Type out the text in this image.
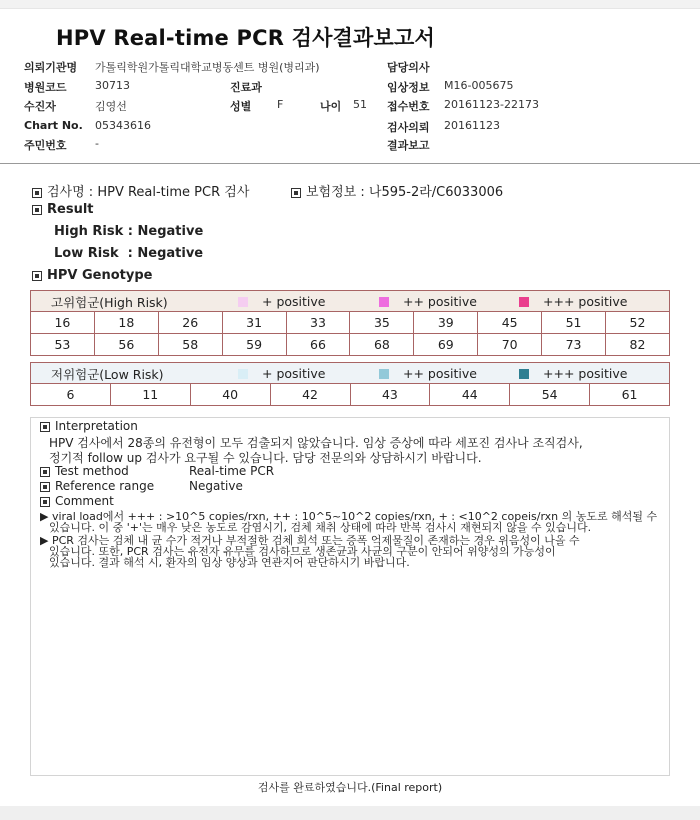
HPV Real-time PCR 검사결과보고서
의뢰기관명 가톨릭학원가톨릭대학교병동센트 병원(병리과)	담당의사
병원코드	30713	진료과	임상정보 M16-005675
수진자	김영선	성별 F	나이 51 접수번호 20161123-22173
Chart No. 05343616	검사의뢰 20161123
주민번호	-	결과보고
검사명 : HPV Real-time PCR 검사	보험정보 : 나595-2라/C6033006
Result
High Risk : Negative
Low Risk  : Negative
HPV Genotype
고위험군(High Risk)	+ positive	++ positive	+++ positive
16	18	26	31	33	35	39	45	51	52
53	56	58	59	66	68	69	70	73	82
저위험군(Low Risk)	+ positive	++ positive	+++ positive
6	11	40	42	43	44	54	61
Interpretation
HPV 검사에서 28종의 유전형이 모두 검출되지 않았습니다. 임상 증상에 따라 세포진 검사나 조직검사,
정기적 follow up 검사가 요구될 수 있습니다. 담당 전문의와 상담하시기 바랍니다.
Test method	Real-time PCR
Reference range	Negative
Comment
▶ viral load에서 +++ : >10^5 copies/rxn, ++ : 10^5~10^2 copies/rxn, + : <10^2 copeis/rxn 의 농도로 해석될 수
있습니다. 이 중 '+'는 매우 낮은 농도로 감염시기, 검체 채취 상태에 따라 반복 검사시 재현되지 않을 수 있습니다.
▶ PCR 검사는 검체 내 균 수가 적거나 부적절한 검체 희석 또는 증폭 억제물질이 존재하는 경우 위음성이 나올 수
있습니다. 또한, PCR 검사는 유전자 유무를 검사하므로 생존균과 사균의 구분이 안되어 위양성의 가능성이
있습니다. 결과 해석 시, 환자의 임상 양상과 연관지어 판단하시기 바랍니다.
검사를 완료하였습니다.(Final report)
